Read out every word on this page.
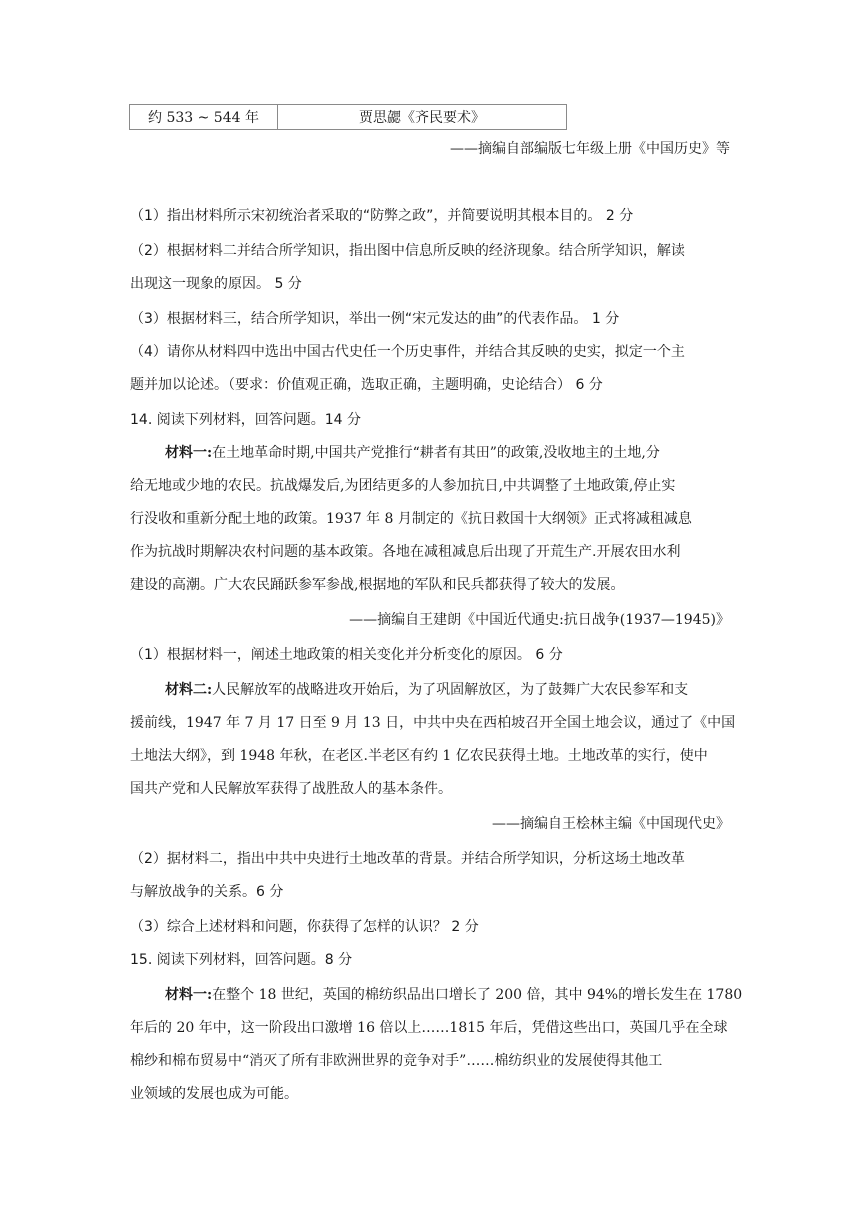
约 533 ~ 544 年	贾思勰《齐民要术》
——摘编自部编版七年级上册《中国历史》等
（1）指出材料所示宋初统治者采取的“防弊之政”，并简要说明其根本目的。 2 分
（2）根据材料二并结合所学知识，指出图中信息所反映的经济现象。结合所学知识，解读
出现这一现象的原因。 5 分
（3）根据材料三，结合所学知识，举出一例“宋元发达的曲”的代表作品。 1 分
（4）请你从材料四中选出中国古代史任一个历史事件，并结合其反映的史实，拟定一个主
题并加以论述。（要求：价值观正确，选取正确，主题明确，史论结合） 6 分
14. 阅读下列材料，回答问题。14 分
材料一:在土地革命时期,中国共产党推行“耕者有其田”的政策,没收地主的土地,分
给无地或少地的农民。抗战爆发后,为团结更多的人参加抗日,中共调整了土地政策,停止实
行没收和重新分配土地的政策。1937 年 8 月制定的《抗日救国十大纲领》正式将减租减息
作为抗战时期解决农村问题的基本政策。各地在减租减息后出现了开荒生产.开展农田水利
建设的高潮。广大农民踊跃参军参战,根据地的军队和民兵都获得了较大的发展。
——摘编自王建朗《中国近代通史:抗日战争(1937—1945)》
（1）根据材料一，阐述土地政策的相关变化并分析变化的原因。 6 分
材料二:人民解放军的战略进攻开始后，为了巩固解放区，为了鼓舞广大农民参军和支
援前线，1947 年 7 月 17 日至 9 月 13 日，中共中央在西柏坡召开全国土地会议，通过了《中国
土地法大纲》，到 1948 年秋，在老区.半老区有约 1 亿农民获得土地。土地改革的实行，使中
国共产党和人民解放军获得了战胜敌人的基本条件。
——摘编自王桧林主编《中国现代史》
（2）据材料二，指出中共中央进行土地改革的背景。并结合所学知识，分析这场土地改革
与解放战争的关系。6 分
（3）综合上述材料和问题，你获得了怎样的认识？ 2 分
15. 阅读下列材料，回答问题。8 分
材料一:在整个 18 世纪，英国的棉纺织品出口增长了 200 倍，其中 94%的增长发生在 1780
年后的 20 年中，这一阶段出口激增 16 倍以上……1815 年后，凭借这些出口，英国几乎在全球
棉纱和棉布贸易中“消灭了所有非欧洲世界的竞争对手”……棉纺织业的发展使得其他工
业领域的发展也成为可能。
